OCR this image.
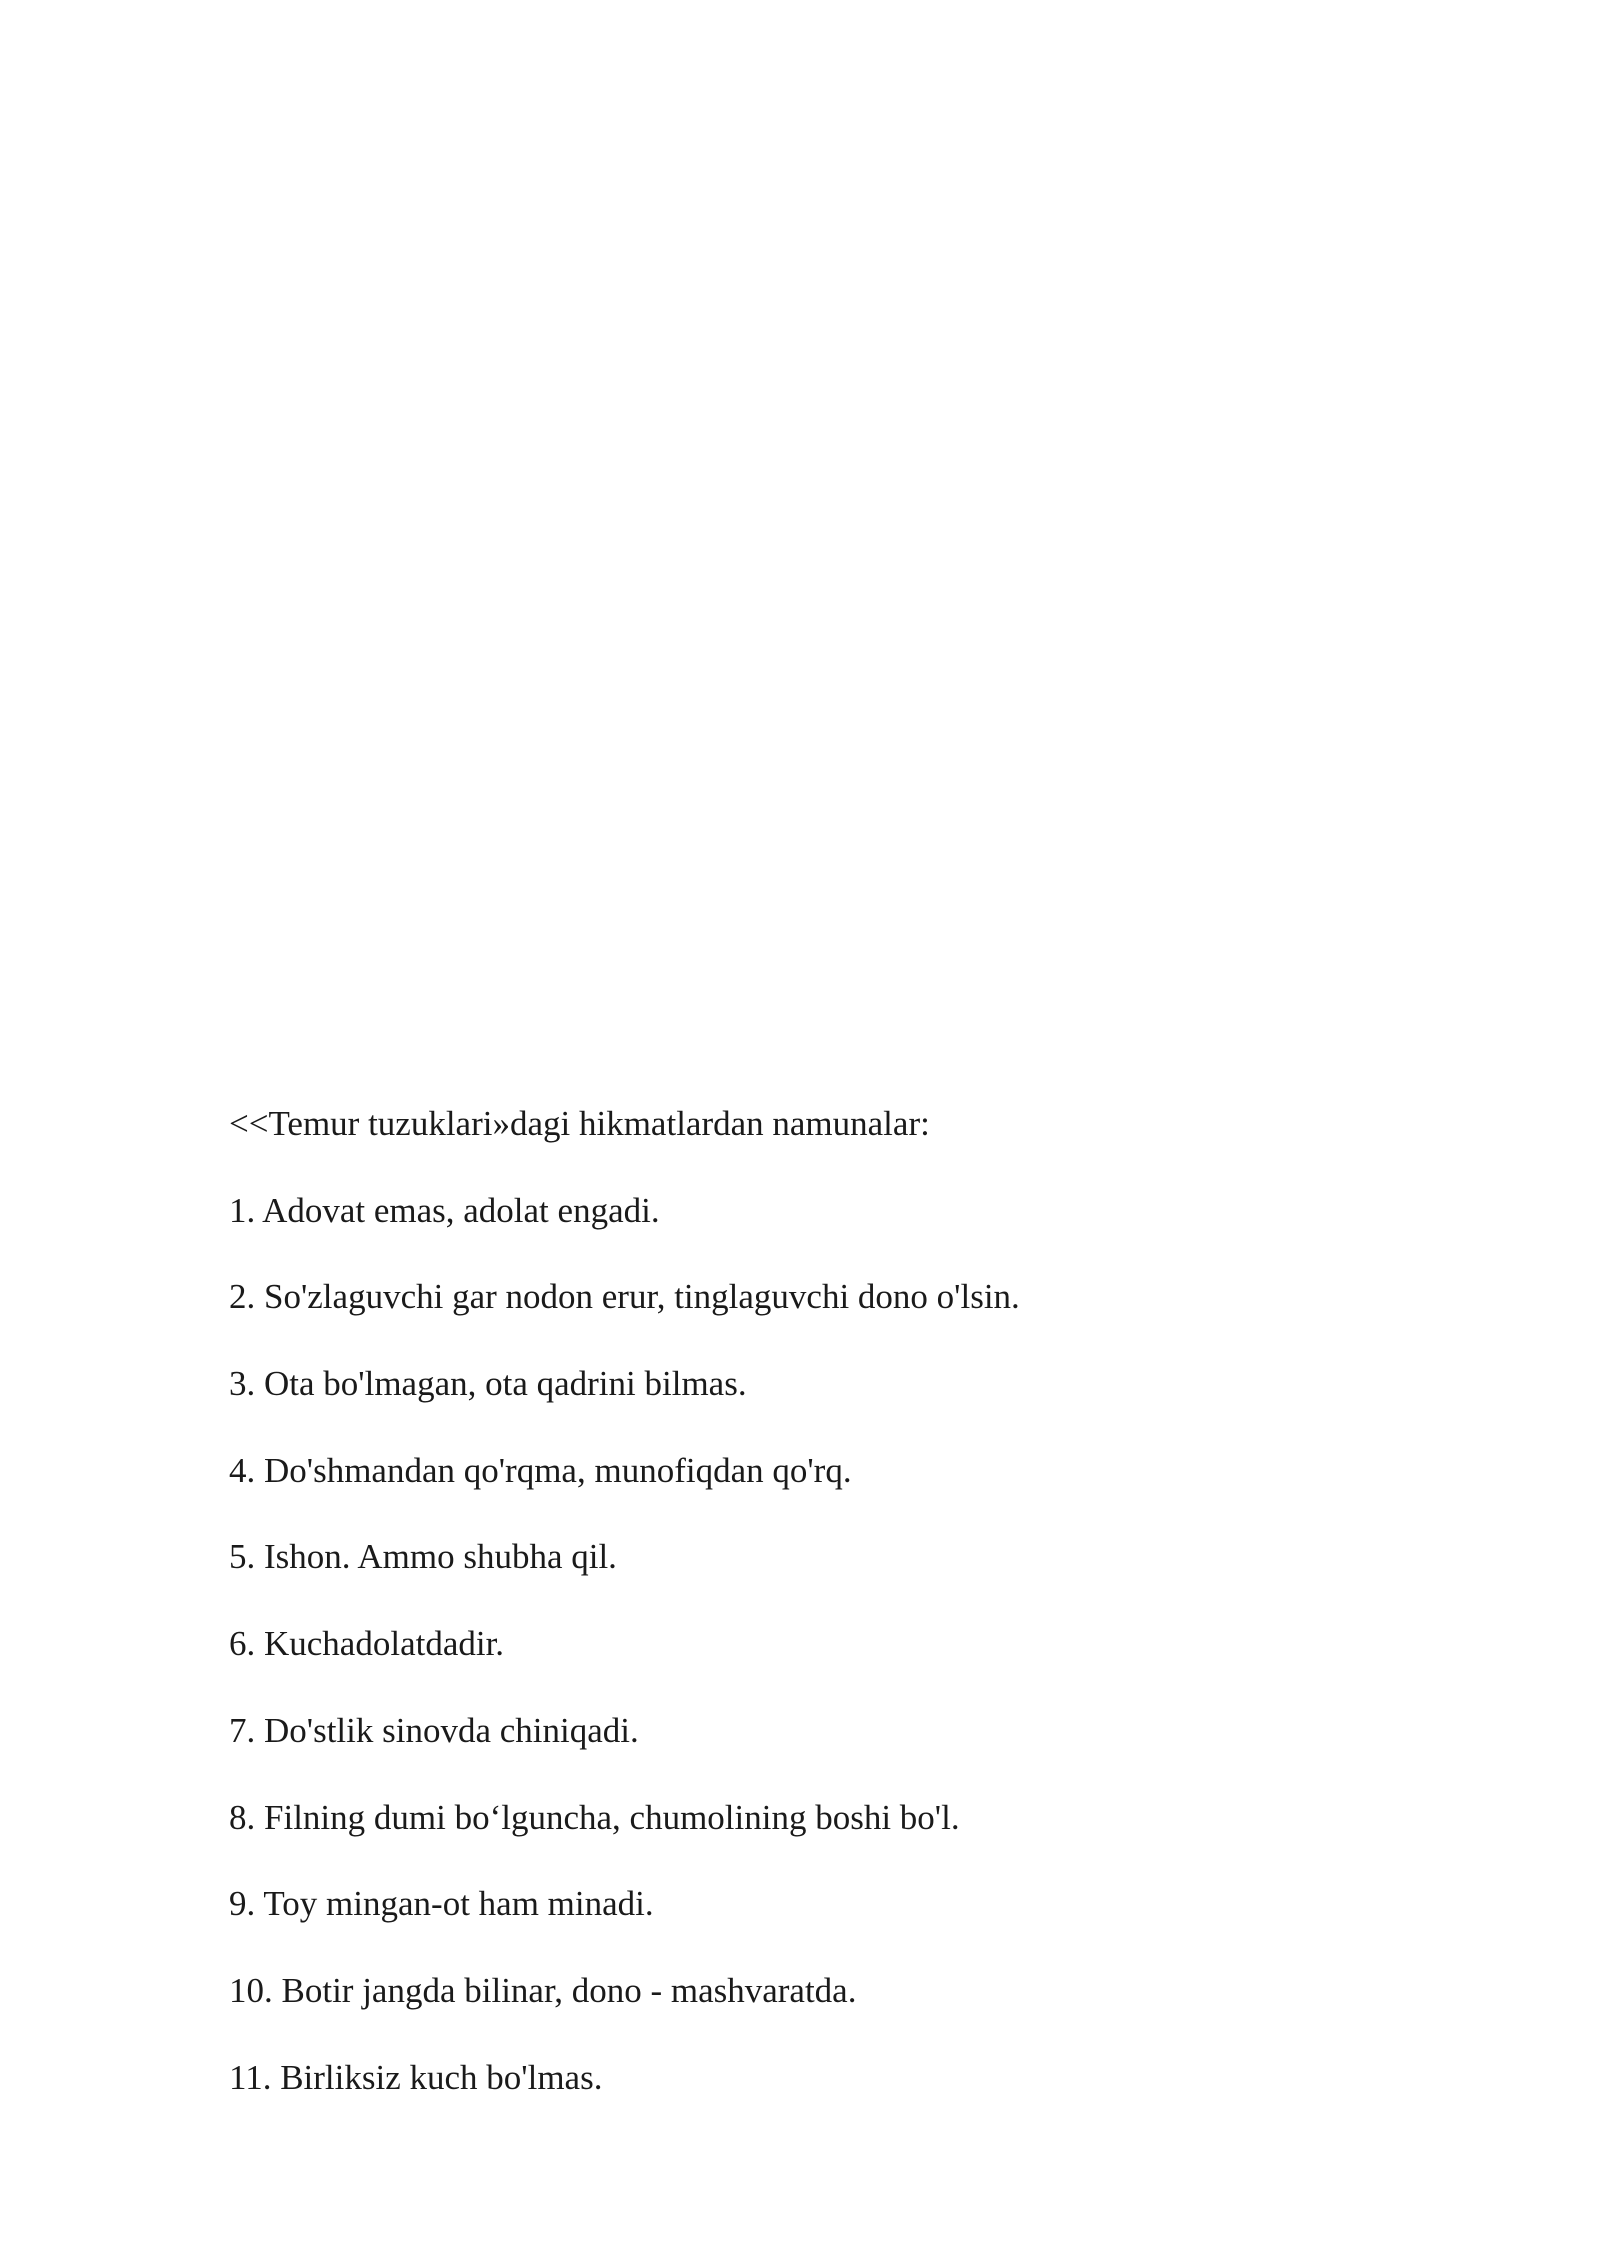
<<Temur tuzuklari»dagi hikmatlardan namunalar:

1. Adovat emas, adolat engadi.

2. So'zlaguvchi gar nodon erur, tinglaguvchi dono o'lsin.

3. Ota bo'lmagan, ota qadrini bilmas.

4. Do'shmandan qo'rqma, munofiqdan qo'rq.

5. Ishon. Ammo shubha qil.

6. Kuchadolatdadir.

7. Do'stlik sinovda chiniqadi.

8. Filning dumi bo‘lguncha, chumolining boshi bo'l.

9. Toy mingan-ot ham minadi.

10. Botir jangda bilinar, dono - mashvaratda.

11. Birliksiz kuch bo'lmas.
